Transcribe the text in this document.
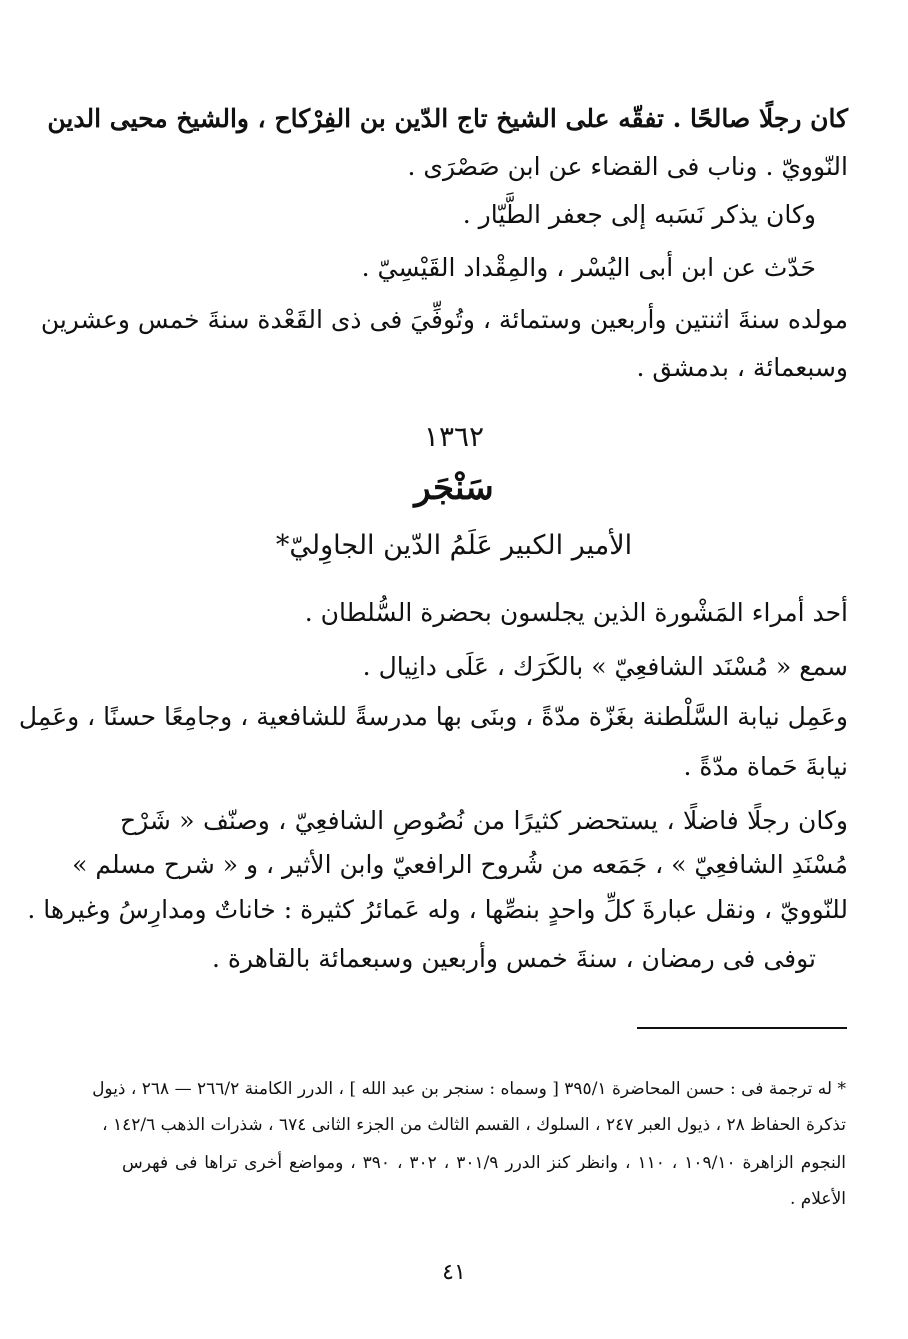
كان رجلًا صالحًا . تفقّه على الشيخ تاج الدّين بن الفِرْكاح ، والشيخ محيى الدين
النّوويّ . وناب فى القضاء عن ابن صَصْرَى .
وكان يذكر نَسَبه إلى جعفر الطَّيّار .
حَدّث عن ابن أبى اليُسْر ، والمِقْداد القَيْسِيّ .
مولده سنةَ اثنتين وأربعين وستمائة ، وتُوفِّيَ فى ذى القَعْدة سنةَ خمس وعشرين
وسبعمائة ، بدمشق .
١٣٦٢
سَنْجَر
الأمير الكبير عَلَمُ الدّين الجاوِليّ*
أحد أمراء المَشْورة الذين يجلسون بحضرة السُّلطان .
سمع « مُسْنَد الشافعِيّ » بالكَرَك ، عَلَى دانِيال .
وعَمِل نيابة السَّلْطنة بغَزّة مدّةً ، وبنَى بها مدرسةً للشافعية ، وجامِعًا حسنًا ، وعَمِل
نيابةَ حَماة مدّةً .
وكان رجلًا فاضلًا ، يستحضر كثيرًا من نُصُوصِ الشافعِيّ ، وصنّف « شَرْح
مُسْنَدِ الشافعِيّ » ، جَمَعه من شُروح الرافعيّ وابن الأثير ، و « شرح مسلم »
للنّوويّ ، ونقل عبارةَ كلِّ واحدٍ بنصِّها ، وله عَمائرُ كثيرة : خاناتٌ ومدارِسُ وغيرها .
توفى فى رمضان ، سنةَ خمس وأربعين وسبعمائة بالقاهرة .
* له ترجمة فى : حسن المحاضرة ٣٩٥/١ [ وسماه : سنجر بن عبد الله ] ، الدرر الكامنة ٢٦٦/٢ — ٢٦٨ ، ذيول
تذكرة الحفاظ ٢٨ ، ذيول العبر ٢٤٧ ، السلوك ، القسم الثالث من الجزء الثانى ٦٧٤ ، شذرات الذهب ١٤٢/٦ ،
النجوم الزاهرة ١٠٩/١٠ ، ١١٠ ، وانظر كنز الدرر ٣٠١/٩ ، ٣٠٢ ، ٣٩٠ ، ومواضع أخرى تراها فى فهرس
الأعلام .
٤١
